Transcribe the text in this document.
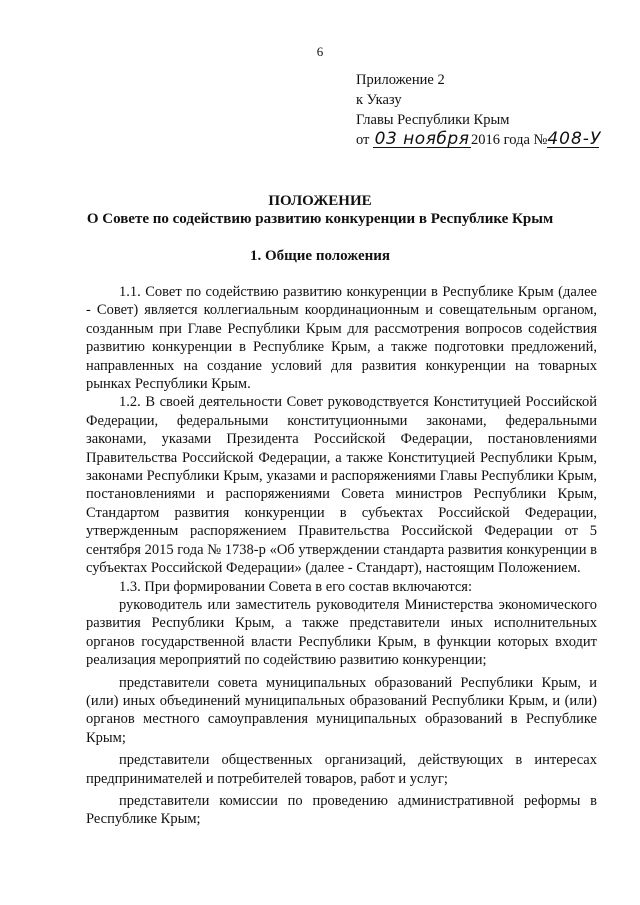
6
Приложение 2
к Указу
Главы Республики Крым
от 03 ноября 2016 года №408-У
ПОЛОЖЕНИЕ
О Совете по содействию развитию конкуренции в Республике Крым
1. Общие положения

1.1. Совет по содействию развитию конкуренции в Республике Крым (далее - Совет) является коллегиальным координационным и совещательным органом, созданным при Главе Республики Крым для рассмотрения вопросов содействия развитию конкуренции в Республике Крым, а также подготовки предложений, направленных на создание условий для развития конкуренции на товарных рынках Республики Крым.

1.2. В своей деятельности Совет руководствуется Конституцией Российской Федерации, федеральными конституционными законами, федеральными законами, указами Президента Российской Федерации, постановлениями Правительства Российской Федерации, а также Конституцией Республики Крым, законами Республики Крым, указами и распоряжениями Главы Республики Крым, постановлениями и распоряжениями Совета министров Республики Крым, Стандартом развития конкуренции в субъектах Российской Федерации, утвержденным распоряжением Правительства Российской Федерации от 5 сентября 2015 года № 1738-р «Об утверждении стандарта развития конкуренции в субъектах Российской Федерации» (далее - Стандарт), настоящим Положением.

1.3. При формировании Совета в его состав включаются:

руководитель или заместитель руководителя Министерства экономического развития Республики Крым, а также представители иных исполнительных органов государственной власти Республики Крым, в функции которых входит реализация мероприятий по содействию развитию конкуренции;

представители совета муниципальных образований Республики Крым, и (или) иных объединений муниципальных образований Республики Крым, и (или) органов местного самоуправления муниципальных образований в Республике Крым;

представители общественных организаций, действующих в интересах предпринимателей и потребителей товаров, работ и услуг;

представители комиссии по проведению административной реформы в Республике Крым;
